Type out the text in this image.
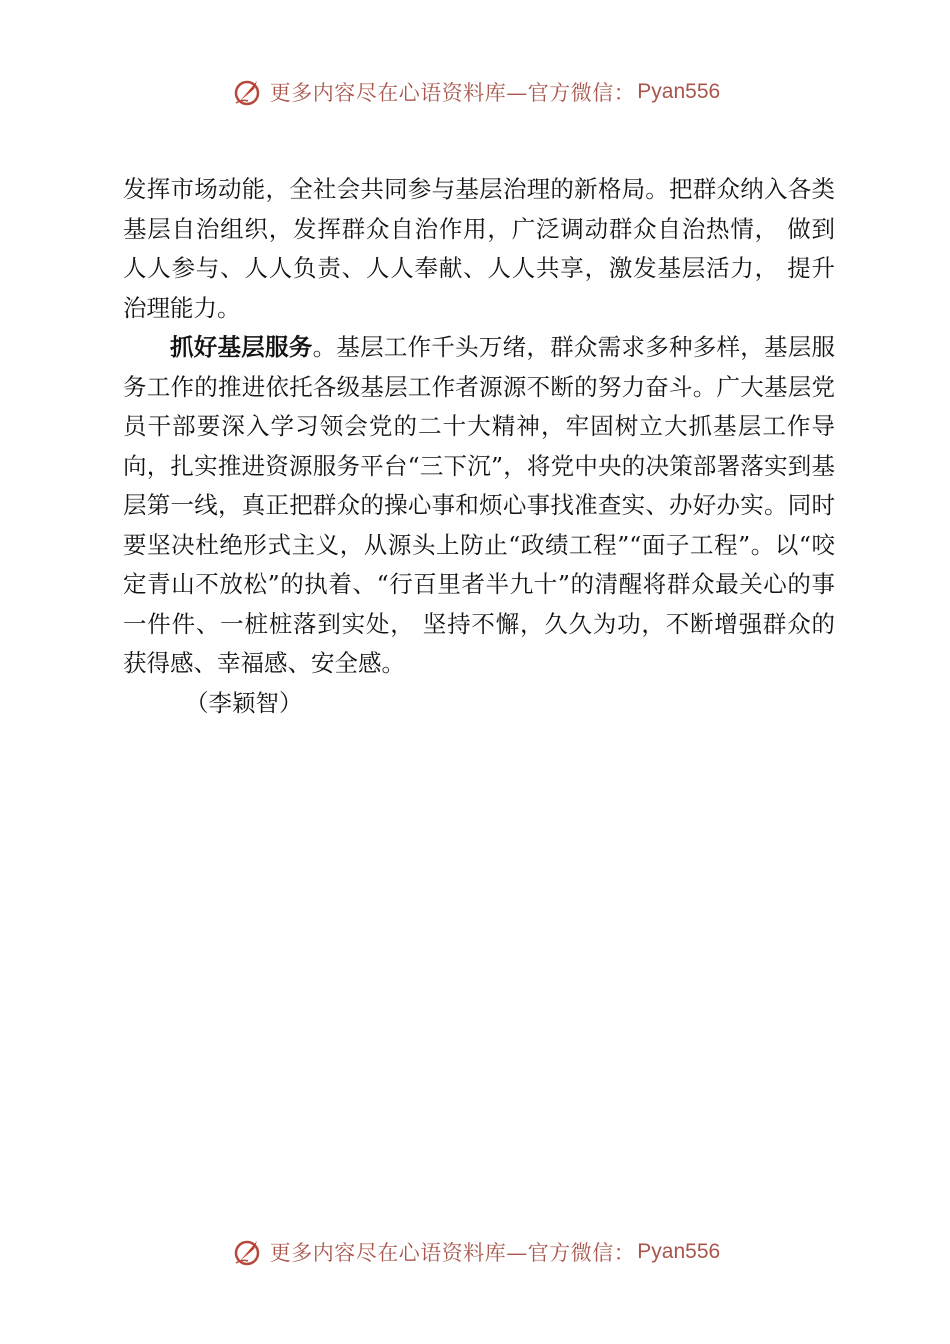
更多内容尽在心语资料库—官方微信： Pyan556

发挥市场动能，全社会共同参与基层治理的新格局。把群众纳入各类基层自治组织，发挥群众自治作用，广泛调动群众自治热情， 做到人人参与、人人负责、人人奉献、人人共享，激发基层活力， 提升治理能力。

抓好基层服务。基层工作千头万绪，群众需求多种多样，基层服务工作的推进依托各级基层工作者源源不断的努力奋斗。广大基层党员干部要深入学习领会党的二十大精神，牢固树立大抓基层工作导向，扎实推进资源服务平台“三下沉”，将党中央的决策部署落实到基层第一线，真正把群众的操心事和烦心事找准查实、办好办实。同时要坚决杜绝形式主义，从源头上防止“政绩工程”“面子工程”。以“咬定青山不放松”的执着、“行百里者半九十”的清醒将群众最关心的事一件件、一桩桩落到实处， 坚持不懈，久久为功，不断增强群众的获得感、幸福感、安全感。

（李颖智）

更多内容尽在心语资料库—官方微信： Pyan556
